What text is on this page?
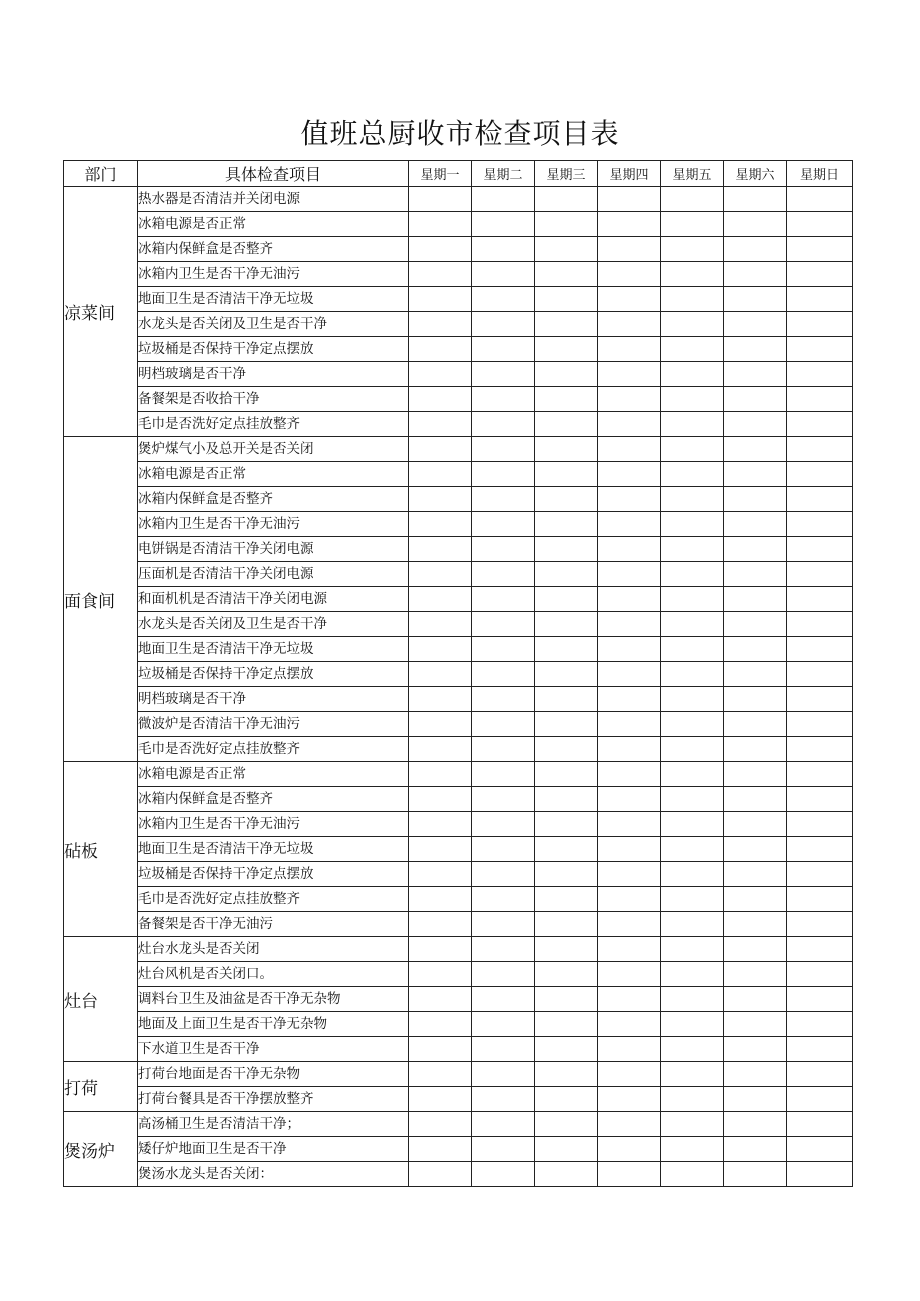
值班总厨收市检查项目表
部门	具体检查项目	星期一	星期二	星期三	星期四	星期五	星期六	星期日
凉菜间	热水器是否清洁并关闭电源							
	冰箱电源是否正常							
	冰箱内保鲜盒是否整齐							
	冰箱内卫生是否干净无油污							
	地面卫生是否清洁干净无垃圾							
	水龙头是否关闭及卫生是否干净							
	垃圾桶是否保持干净定点摆放							
	明档玻璃是否干净							
	备餐架是否收拾干净							
	毛巾是否洗好定点挂放整齐							
面食间	煲炉煤气小及总开关是否关闭							
	冰箱电源是否正常							
	冰箱内保鲜盒是否整齐							
	冰箱内卫生是否干净无油污							
	电饼锅是否清洁干净关闭电源							
	压面机是否清洁干净关闭电源							
	和面机机是否清洁干净关闭电源							
	水龙头是否关闭及卫生是否干净							
	地面卫生是否清洁干净无垃圾							
	垃圾桶是否保持干净定点摆放							
	明档玻璃是否干净							
	微波炉是否清洁干净无油污							
	毛巾是否洗好定点挂放整齐							
砧板	冰箱电源是否正常							
	冰箱内保鲜盒是否整齐							
	冰箱内卫生是否干净无油污							
	地面卫生是否清洁干净无垃圾							
	垃圾桶是否保持干净定点摆放							
	毛巾是否洗好定点挂放整齐							
	备餐架是否干净无油污							
灶台	灶台水龙头是否关闭							
	灶台风机是否关闭口。							
	调料台卫生及油盆是否干净无杂物							
	地面及上面卫生是否干净无杂物							
	下水道卫生是否干净							
打荷	打荷台地面是否干净无杂物							
	打荷台餐具是否干净摆放整齐							
煲汤炉	高汤桶卫生是否清洁干净；							
	矮仔炉地面卫生是否干净							
	煲汤水龙头是否关闭：							
